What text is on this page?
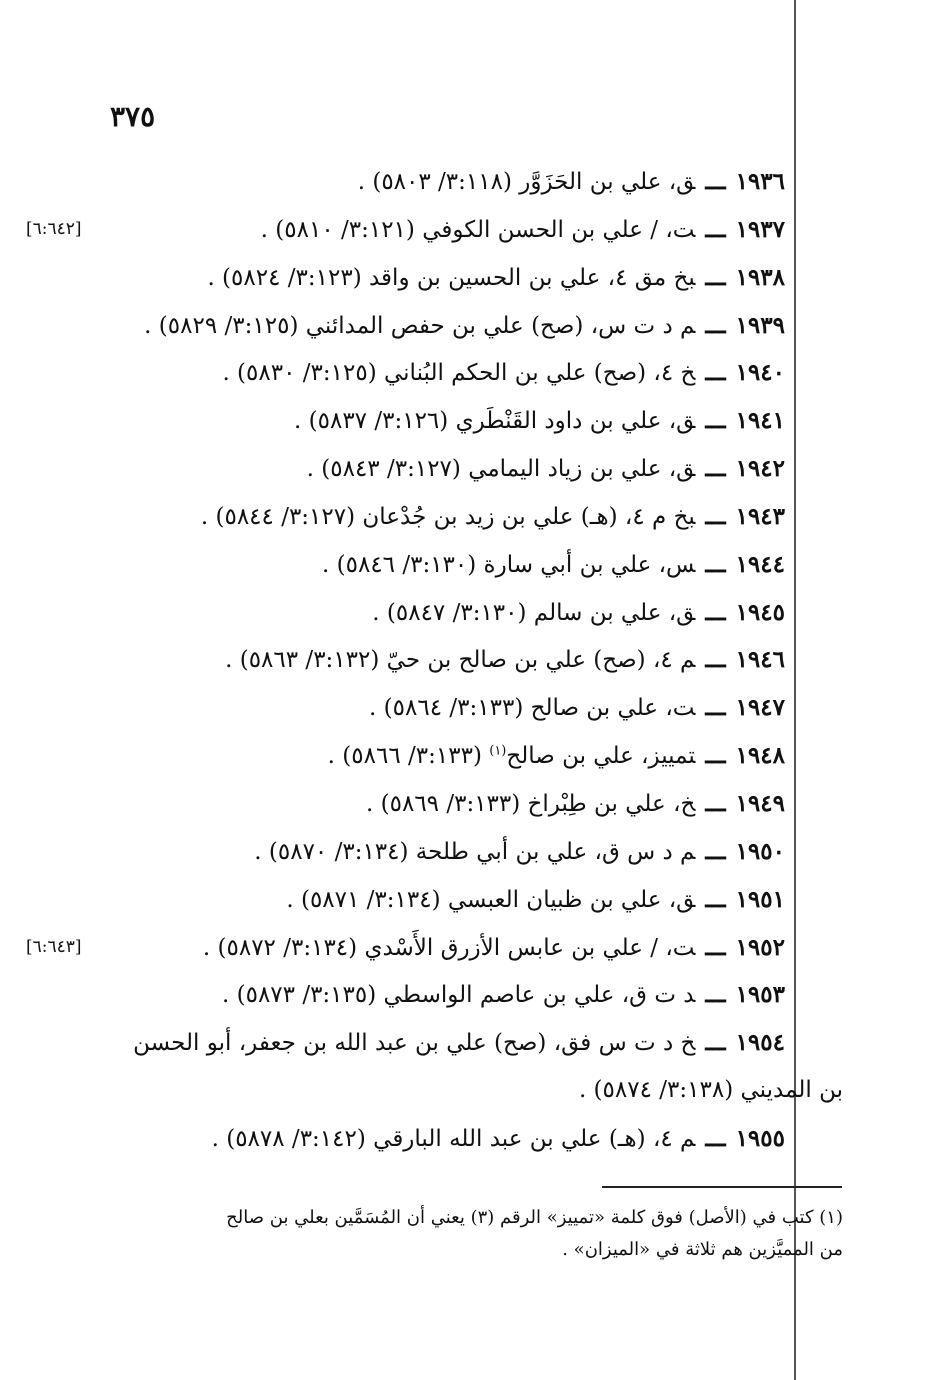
٣٧٥
١٩٣٦ـــق، علي بن الحَزَوَّر (٣:١١٨/ ٥٨٠٣) .
١٩٣٧ـــت، / علي بن الحسن الكوفي (٣:١٢١/ ٥٨١٠) .
[٦:٦٤٢]
١٩٣٨ـــبخ مق ٤، علي بن الحسين بن واقد (٣:١٢٣/ ٥٨٢٤) .
١٩٣٩ـــم د ت س، (صح) علي بن حفص المدائني (٣:١٢٥/ ٥٨٢٩) .
١٩٤٠ـــخ ٤، (صح) علي بن الحكم البُناني (٣:١٢٥/ ٥٨٣٠) .
١٩٤١ـــق، علي بن داود القَنْطَري (٣:١٢٦/ ٥٨٣٧) .
١٩٤٢ـــق، علي بن زياد اليمامي (٣:١٢٧/ ٥٨٤٣) .
١٩٤٣ـــبخ م ٤، (هـ) علي بن زيد بن جُدْعان (٣:١٢٧/ ٥٨٤٤) .
١٩٤٤ـــس، علي بن أبي سارة (٣:١٣٠/ ٥٨٤٦) .
١٩٤٥ـــق، علي بن سالم (٣:١٣٠/ ٥٨٤٧) .
١٩٤٦ـــم ٤، (صح) علي بن صالح بن حيّ (٣:١٣٢/ ٥٨٦٣) .
١٩٤٧ـــت، علي بن صالح (٣:١٣٣/ ٥٨٦٤) .
١٩٤٨ـــتمييز، علي بن صالح$^{(١)}$ (٣:١٣٣/ ٥٨٦٦) .
١٩٤٩ـــخ، علي بن طِبْراخ (٣:١٣٣/ ٥٨٦٩) .
١٩٥٠ـــم د س ق، علي بن أبي طلحة (٣:١٣٤/ ٥٨٧٠) .
١٩٥١ـــق، علي بن ظبيان العبسي (٣:١٣٤/ ٥٨٧١) .
١٩٥٢ـــت، / علي بن عابس الأزرق الأَسْدي (٣:١٣٤/ ٥٨٧٢) .
[٦:٦٤٣]
١٩٥٣ـــد ت ق، علي بن عاصم الواسطي (٣:١٣٥/ ٥٨٧٣) .
١٩٥٤ـــخ د ت س فق، (صح) علي بن عبد الله بن جعفر، أبو الحسن
بن المديني (٣:١٣٨/ ٥٨٧٤) .
١٩٥٥ـــم ٤، (هـ) علي بن عبد الله البارقي (٣:١٤٢/ ٥٨٧٨) .
(١) كتب في (الأصل) فوق كلمة «تمييز» الرقم (٣) يعني أن المُسَمَّين بعلي بن صالح
من المميَّزين هم ثلاثة في «الميزان» .
